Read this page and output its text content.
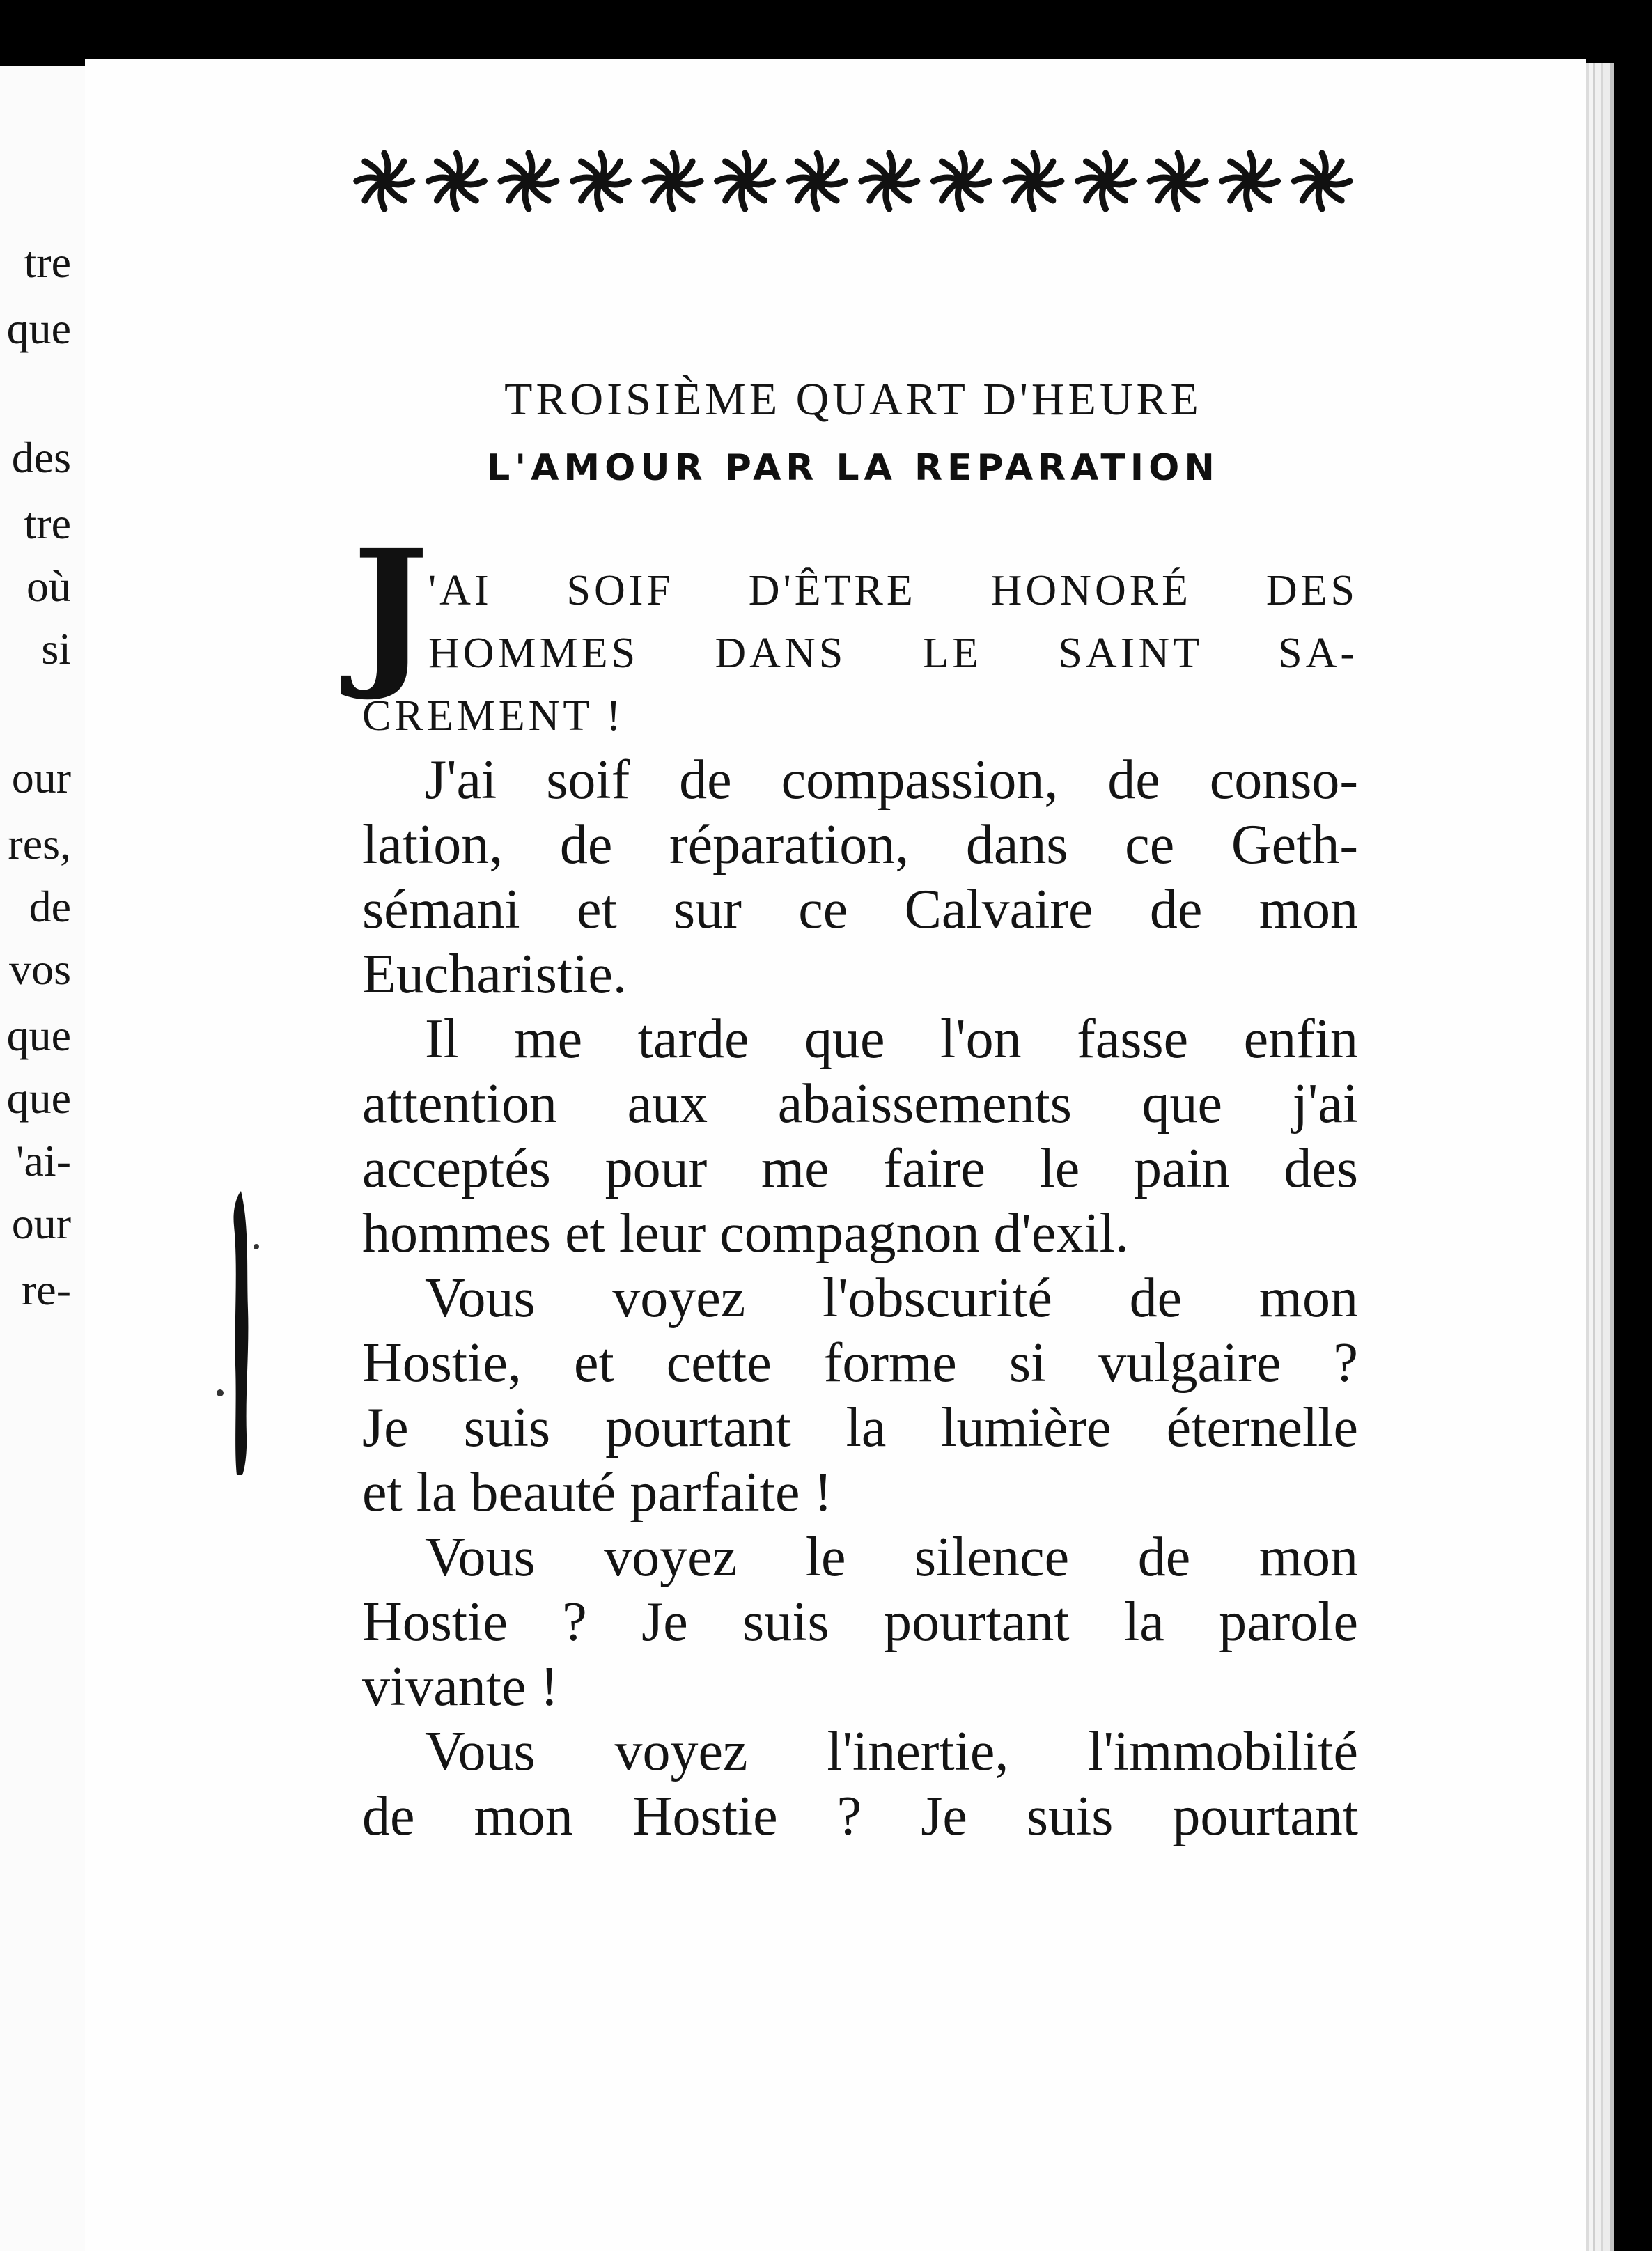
tre
que
des
tre
où
si
our
res,
de
vos
que
que
'ai-
our
re-
TROISIÈME QUART D'HEURE
L'AMOUR PAR LA REPARATION
J 'AI SOIF D'ÊTRE HONORÉ DES
HOMMES DANS LE SAINT SA-
CREMENT !
J'ai soif de compassion, de conso-
lation, de réparation, dans ce Geth-
sémani et sur ce Calvaire de mon
Eucharistie.
Il me tarde que l'on fasse enfin
attention aux abaissements que j'ai
acceptés pour me faire le pain des
hommes et leur compagnon d'exil.
Vous voyez l'obscurité de mon
Hostie, et cette forme si vulgaire ?
Je suis pourtant la lumière éternelle
et la beauté parfaite !
Vous voyez le silence de mon
Hostie ? Je suis pourtant la parole
vivante !
Vous voyez l'inertie, l'immobilité
de mon Hostie ? Je suis pourtant
